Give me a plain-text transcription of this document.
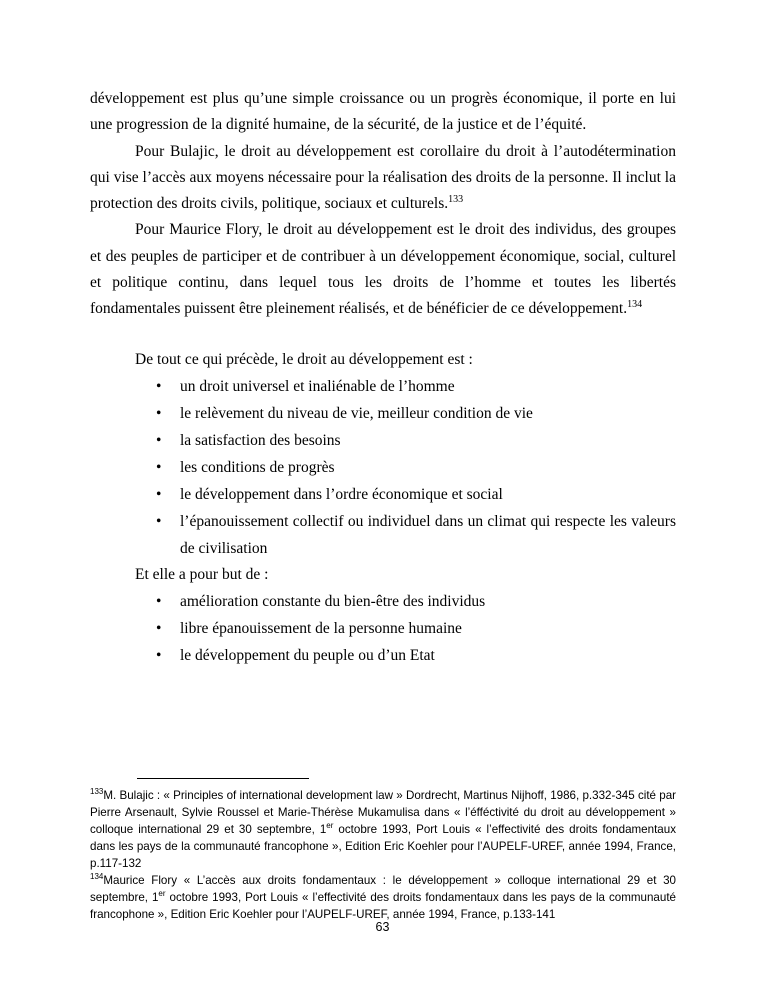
développement est plus qu’une simple croissance ou un progrès économique, il porte en lui une progression de la dignité humaine, de la sécurité, de la justice et de l’équité.

Pour Bulajic, le droit au développement est corollaire du droit à l’autodétermination qui vise l’accès aux moyens nécessaire pour la réalisation des droits de la personne. Il inclut la protection des droits civils, politique, sociaux et culturels.$^{133}$

Pour Maurice Flory, le droit au développement est le droit des individus, des groupes et des peuples de participer et de contribuer à un développement économique, social, culturel et politique continu, dans lequel tous les droits de l’homme et toutes les libertés fondamentales puissent être pleinement réalisés, et de bénéficier de ce développement.$^{134}$

De tout ce qui précède, le droit au développement est :

• un droit universel et inaliénable de l’homme
• le relèvement du niveau de vie, meilleur condition de vie
• la satisfaction des besoins
• les conditions de progrès
• le développement dans l’ordre économique et social
• l’épanouissement collectif ou individuel dans un climat qui respecte les valeurs de civilisation

Et elle a pour but de :

• amélioration constante du bien-être des individus
• libre épanouissement de la personne humaine
• le développement du peuple ou d’un Etat

$^{133}$M. Bulajic : « Principles of international development law » Dordrecht, Martinus Nijhoff, 1986, p.332-345 cité par Pierre Arsenault, Sylvie Roussel et Marie-Thérèse Mukamulisa dans « l’éfféctivité du droit au développement » colloque international 29 et 30 septembre, 1er octobre 1993, Port Louis « l’effectivité des droits fondamentaux dans les pays de la communauté francophone », Edition Eric Koehler pour l’AUPELF-UREF, année 1994, France, p.117-132

$^{134}$Maurice Flory « L’accès aux droits fondamentaux : le développement » colloque international 29 et 30 septembre, 1er octobre 1993, Port Louis « l’effectivité des droits fondamentaux dans les pays de la communauté francophone », Edition Eric Koehler pour l’AUPELF-UREF, année 1994, France, p.133-141

63
